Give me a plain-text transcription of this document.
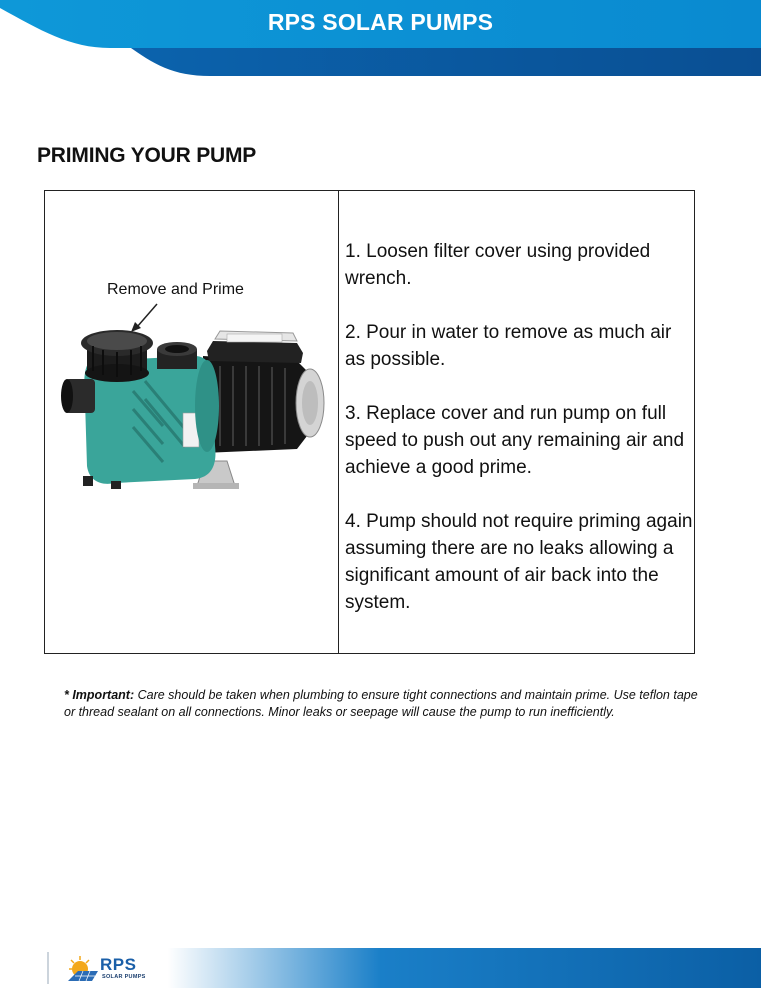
RPS SOLAR PUMPS
PRIMING YOUR PUMP
Remove and Prime
1. Loosen filter cover using provided wrench.
2. Pour in water to remove as much air as possible.
3. Replace cover and run pump on full speed to push out any remaining air and achieve a good prime.
4. Pump should not require priming again assuming there are no leaks allowing a significant amount of air back into the system.
* Important: Care should be taken when plumbing to ensure tight connections and maintain prime. Use teflon tape or thread sealant on all connections. Minor leaks or seepage will cause the pump to run inefficiently.
RPS
SOLAR PUMPS
